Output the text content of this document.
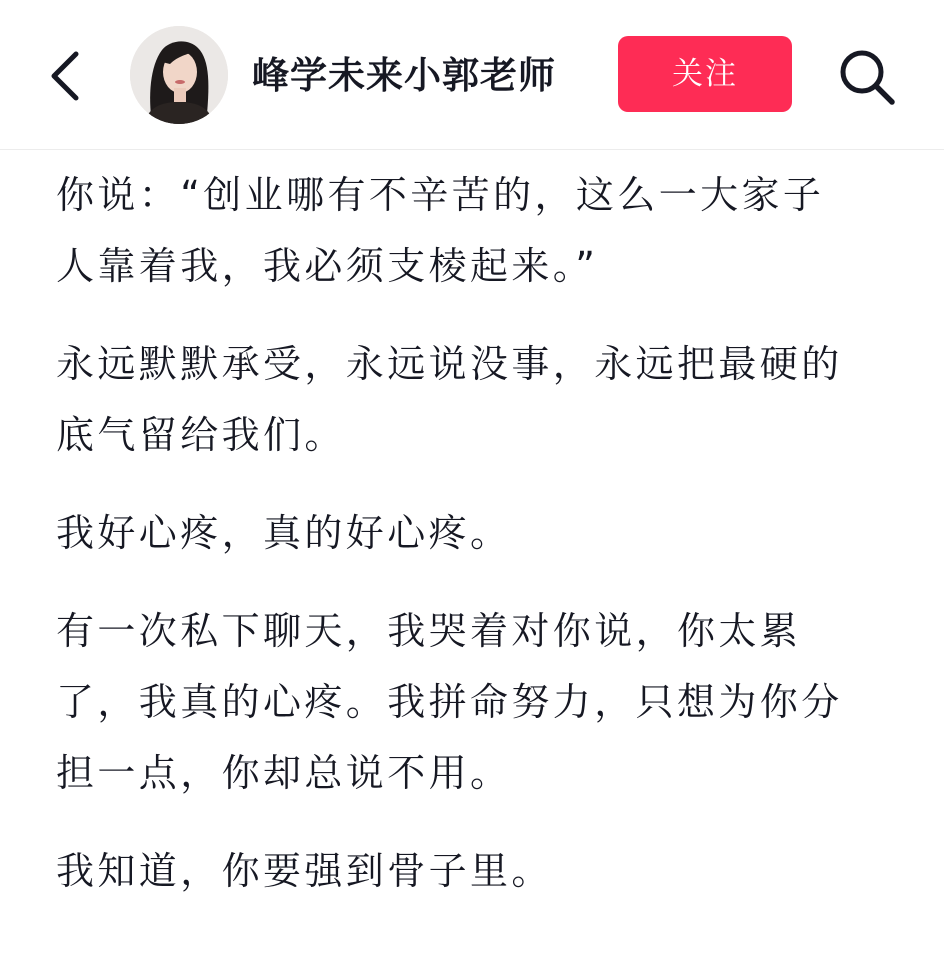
峰学未来小郭老师	关注

你说：“创业哪有不辛苦的，这么一大家子
人靠着我，我必须支棱起来。”

永远默默承受，永远说没事，永远把最硬的
底气留给我们。

我好心疼，真的好心疼。

有一次私下聊天，我哭着对你说，你太累
了，我真的心疼。我拼命努力，只想为你分
担一点，你却总说不用。

我知道，你要强到骨子里。
